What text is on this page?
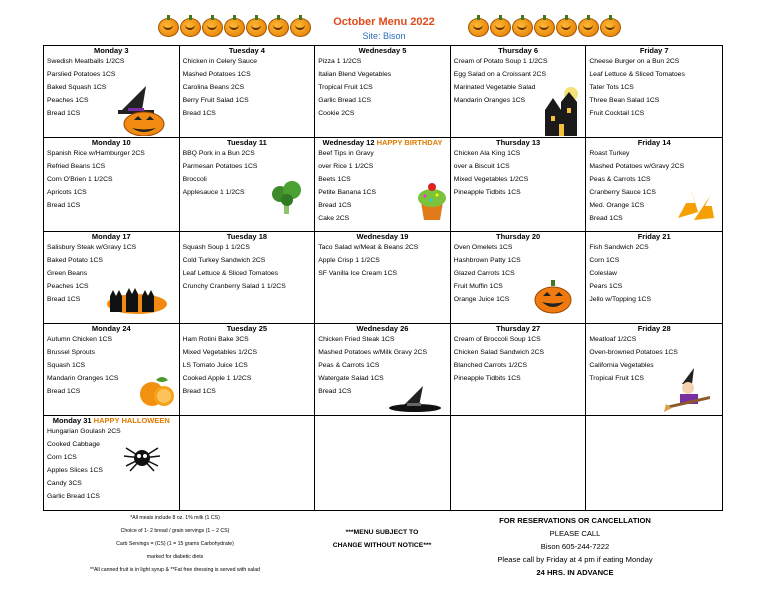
October Menu 2022
Site: Bison
Monday 3
Swedish Meatballs 1/2CS
Parslied Potatoes 1CS
Baked Squash 1CS
Peaches 1CS
Bread 1CS
Tuesday 4
Chicken in Celery Sauce
Mashed Potatoes 1CS
Carolina Beans 2CS
Berry Fruit Salad 1CS
Bread 1CS
Wednesday 5
Pizza 1 1/2CS
Italian Blend Vegetables
Tropical Fruit 1CS
Garlic Bread 1CS
Cookie 2CS
Thursday 6
Cream of Potato Soup 1 1/2CS
Egg Salad on a Croissant 2CS
Marinated Vegetable Salad
Mandarin Oranges 1CS
Friday 7
Cheese Burger on a Bun 2CS
Leaf Lettuce & Sliced Tomatoes
Tater Tots 1CS
Three Bean Salad 1CS
Fruit Cocktail 1CS
Monday 10
Spanish Rice w/Hamburger 2CS
Refried Beans 1CS
Corn O'Brien 1 1/2CS
Apricots 1CS
Bread 1CS
Tuesday 11
BBQ Pork in a Bun 2CS
Parmesan Potatoes 1CS
Broccoli
Applesauce 1 1/2CS
Wednesday 12 HAPPY BIRTHDAY
Beef Tips in Gravy
over Rice 1 1/2CS
Beets 1CS
Petite Banana 1CS
Bread 1CS
Cake 2CS
Thursday 13
Chicken Ala King 1CS
over a Biscuit 1CS
Mixed Vegetables 1/2CS
Pineapple Tidbits 1CS
Friday 14
Roast Turkey
Mashed Potatoes w/Gravy 2CS
Peas & Carrots 1CS
Cranberry Sauce 1CS
Med. Orange 1CS
Bread 1CS
Monday 17
Salisbury Steak w/Gravy 1CS
Baked Potato 1CS
Green Beans
Peaches 1CS
Bread 1CS
Tuesday 18
Squash Soup 1 1/2CS
Cold Turkey Sandwich 2CS
Leaf Lettuce & Sliced Tomatoes
Crunchy Cranberry Salad 1 1/2CS
Wednesday 19
Taco Salad w/Meat & Beans 2CS
Apple Crisp 1 1/2CS
SF Vanilla Ice Cream 1CS
Thursday 20
Oven Omelets 1CS
Hashbrown Patty 1CS
Glazed Carrots 1CS
Fruit Muffin 1CS
Orange Juice 1CS
Friday 21
Fish Sandwich 2CS
Corn 1CS
Coleslaw
Pears 1CS
Jello w/Topping 1CS
Monday 24
Autumn Chicken 1CS
Brussel Sprouts
Squash 1CS
Mandarin Oranges 1CS
Bread 1CS
Tuesday 25
Ham Rotini Bake 3CS
Mixed Vegetables 1/2CS
LS Tomato Juice 1CS
Cooked Apple 1 1/2CS
Bread 1CS
Wednesday 26
Chicken Fried Steak 1CS
Mashed Potatoes w/Milk Gravy 2CS
Peas & Carrots 1CS
Watergate Salad 1CS
Bread 1CS
Thursday 27
Cream of Broccoli Soup 1CS
Chicken Salad Sandwich 2CS
Blanched Carrots 1/2CS
Pineapple Tidbits 1CS
Friday 28
Meatloaf 1/2CS
Oven-browned Potatoes 1CS
California Vegetables
Tropical Fruit 1CS
Monday 31 HAPPY HALLOWEEN
Hungarian Goulash 2CS
Cooked Cabbage
Corn 1CS
Apples Slices 1CS
Candy 3CS
Garlic Bread 1CS
*All meals include 8 oz. 1% milk (1 CS)
Choice of 1- 2 bread / grain servings (1 – 2 CS)
Carb Servings = (CS) (1 = 15 grams Carbohydrate)
marked for diabetic diets
**All canned fruit is in light syrup & **Fat free dressing is served with salad
***MENU SUBJECT TO
CHANGE WITHOUT NOTICE***
FOR RESERVATIONS OR CANCELLATION
PLEASE CALL
Bison 605-244-7222
Please call by Friday at 4 pm if eating Monday
24 HRS. IN ADVANCE
